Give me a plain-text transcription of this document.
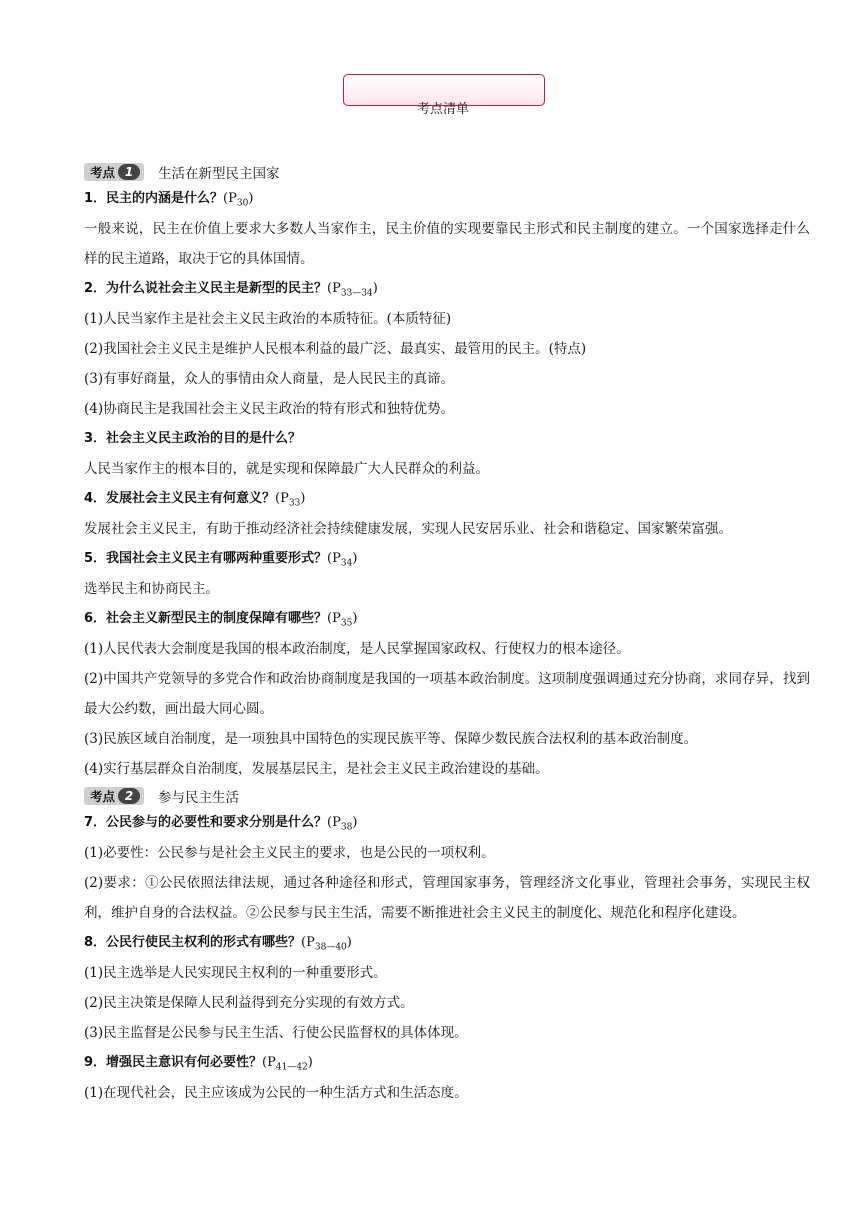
考点清单
考点 1	生活在新型民主国家
1．民主的内涵是什么？$(P_{30})$
一般来说，民主在价值上要求大多数人当家作主，民主价值的实现要靠民主形式和民主制度的建立。一个国家选择走什么样的民主道路，取决于它的具体国情。
2．为什么说社会主义民主是新型的民主？$(P_{33—34})$
(1)人民当家作主是社会主义民主政治的本质特征。(本质特征)
(2)我国社会主义民主是维护人民根本利益的最广泛、最真实、最管用的民主。(特点)
(3)有事好商量，众人的事情由众人商量，是人民民主的真谛。
(4)协商民主是我国社会主义民主政治的特有形式和独特优势。
3．社会主义民主政治的目的是什么？
人民当家作主的根本目的，就是实现和保障最广大人民群众的利益。
4．发展社会主义民主有何意义？$(P_{33})$
发展社会主义民主，有助于推动经济社会持续健康发展，实现人民安居乐业、社会和谐稳定、国家繁荣富强。
5．我国社会主义民主有哪两种重要形式？$(P_{34})$
选举民主和协商民主。
6．社会主义新型民主的制度保障有哪些？$(P_{35})$
(1)人民代表大会制度是我国的根本政治制度，是人民掌握国家政权、行使权力的根本途径。
(2)中国共产党领导的多党合作和政治协商制度是我国的一项基本政治制度。这项制度强调通过充分协商，求同存异，找到最大公约数，画出最大同心圆。
(3)民族区域自治制度，是一项独具中国特色的实现民族平等、保障少数民族合法权利的基本政治制度。
(4)实行基层群众自治制度，发展基层民主，是社会主义民主政治建设的基础。
考点 2	参与民主生活
7．公民参与的必要性和要求分别是什么？$(P_{38})$
(1)必要性：公民参与是社会主义民主的要求，也是公民的一项权利。
(2)要求：①公民依照法律法规，通过各种途径和形式，管理国家事务，管理经济文化事业，管理社会事务，实现民主权利，维护自身的合法权益。②公民参与民主生活，需要不断推进社会主义民主的制度化、规范化和程序化建设。
8．公民行使民主权利的形式有哪些？$(P_{38—40})$
(1)民主选举是人民实现民主权利的一种重要形式。
(2)民主决策是保障人民利益得到充分实现的有效方式。
(3)民主监督是公民参与民主生活、行使公民监督权的具体体现。
9．增强民主意识有何必要性？$(P_{41—42})$
(1)在现代社会，民主应该成为公民的一种生活方式和生活态度。
